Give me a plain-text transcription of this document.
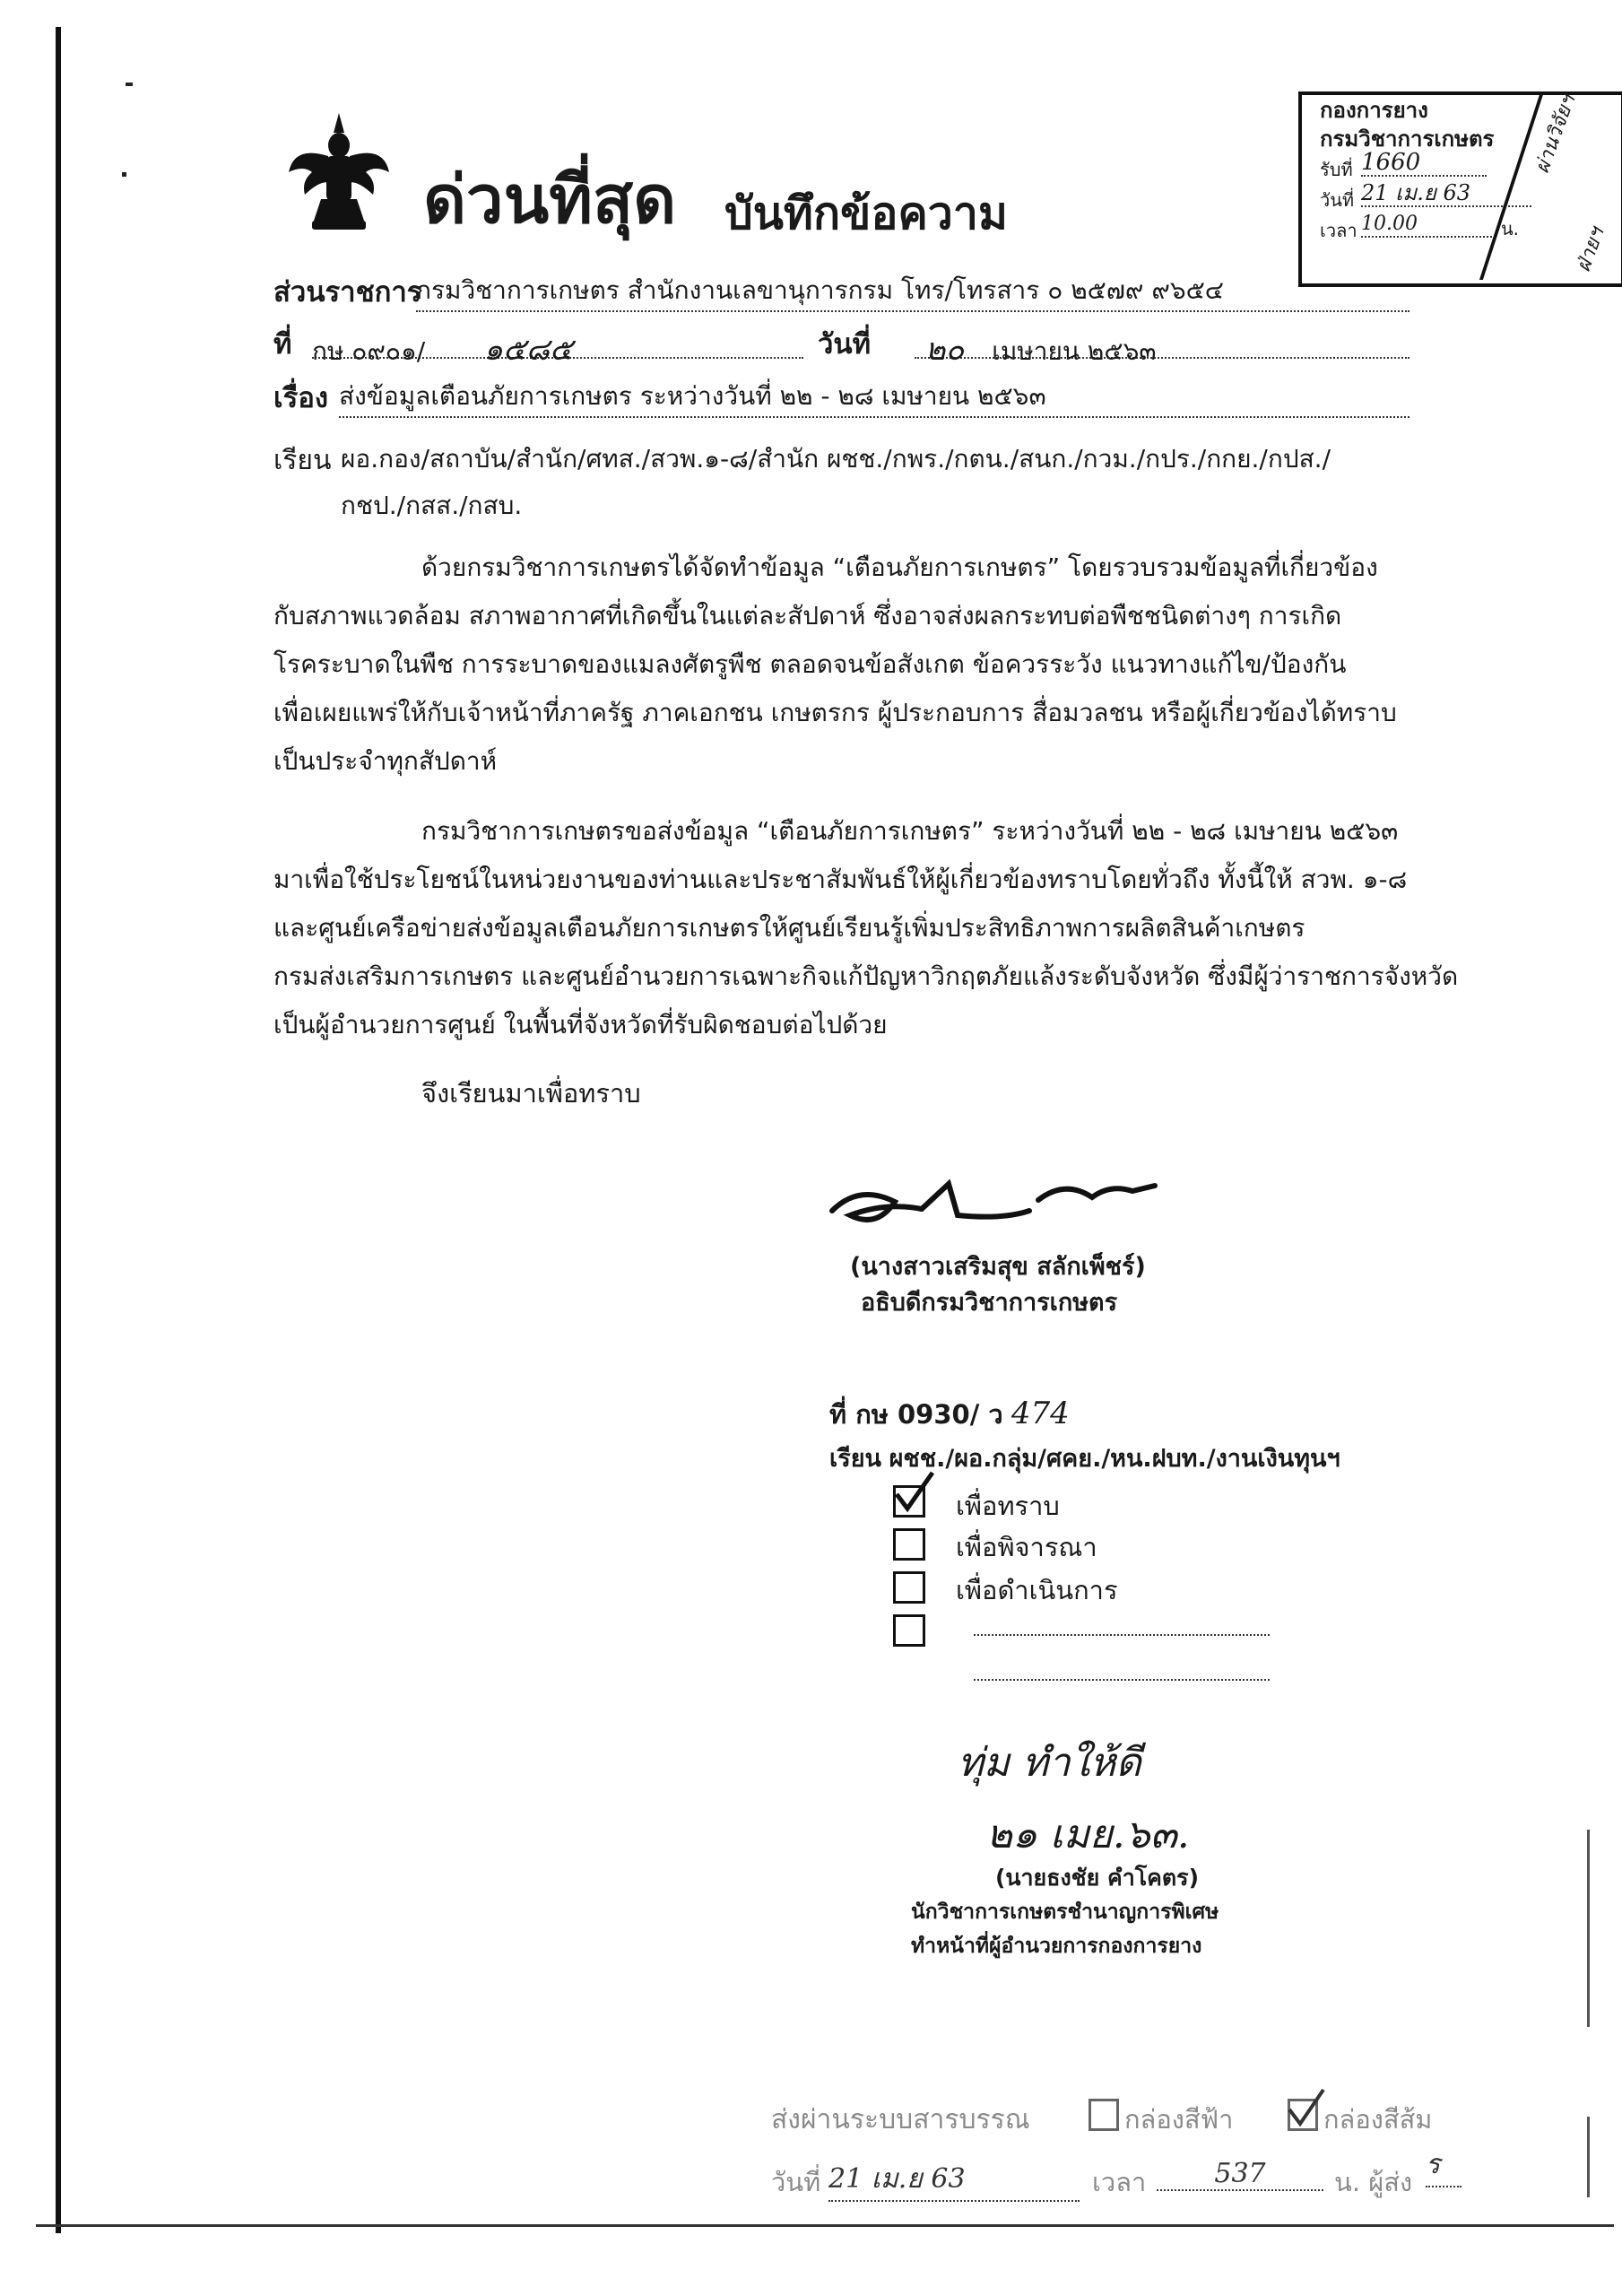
ด่วนที่สุด บันทึกข้อความ
กองการยาง
กรมวิชาการเกษตร
รับที่ 1660
วันที่ 21 เม.ย 63
เวลา 10.00	น.
ผ่านวิจัยฯ
ฝ่ายฯ
ส่วนราชการ
กรมวิชาการเกษตร สำนักงานเลขานุการกรม โทร/โทรสาร ๐ ๒๕๗๙ ๙๖๕๔
ที่ กษ ๐๙๐๑/ ๑๕๘๕	วันที่	๒๐ เมษายน ๒๕๖๓
เรื่อง ส่งข้อมูลเตือนภัยการเกษตร ระหว่างวันที่ ๒๒ - ๒๘ เมษายน ๒๕๖๓
เรียน ผอ.กอง/สถาบัน/สำนัก/ศทส./สวพ.๑-๘/สำนัก ผชช./กพร./กตน./สนก./กวม./กปร./กกย./กปส./
กชป./กสส./กสบ.
ด้วยกรมวิชาการเกษตรได้จัดทำข้อมูล “เตือนภัยการเกษตร” โดยรวบรวมข้อมูลที่เกี่ยวข้อง
กับสภาพแวดล้อม สภาพอากาศที่เกิดขึ้นในแต่ละสัปดาห์ ซึ่งอาจส่งผลกระทบต่อพืชชนิดต่างๆ การเกิด
โรคระบาดในพืช การระบาดของแมลงศัตรูพืช ตลอดจนข้อสังเกต ข้อควรระวัง แนวทางแก้ไข/ป้องกัน
เพื่อเผยแพร่ให้กับเจ้าหน้าที่ภาครัฐ ภาคเอกชน เกษตรกร ผู้ประกอบการ สื่อมวลชน หรือผู้เกี่ยวข้องได้ทราบ
เป็นประจำทุกสัปดาห์
กรมวิชาการเกษตรขอส่งข้อมูล “เตือนภัยการเกษตร” ระหว่างวันที่ ๒๒ - ๒๘ เมษายน ๒๕๖๓
มาเพื่อใช้ประโยชน์ในหน่วยงานของท่านและประชาสัมพันธ์ให้ผู้เกี่ยวข้องทราบโดยทั่วถึง ทั้งนี้ให้ สวพ. ๑-๘
และศูนย์เครือข่ายส่งข้อมูลเตือนภัยการเกษตรให้ศูนย์เรียนรู้เพิ่มประสิทธิภาพการผลิตสินค้าเกษตร
กรมส่งเสริมการเกษตร และศูนย์อำนวยการเฉพาะกิจแก้ปัญหาวิกฤตภัยแล้งระดับจังหวัด ซึ่งมีผู้ว่าราชการจังหวัด
เป็นผู้อำนวยการศูนย์ ในพื้นที่จังหวัดที่รับผิดชอบต่อไปด้วย
จึงเรียนมาเพื่อทราบ
(นางสาวเสริมสุข สลักเพ็ชร์)
อธิบดีกรมวิชาการเกษตร
ที่ กษ 0930/ ว 474
เรียน ผชช./ผอ.กลุ่ม/ศคย./หน.ฝบท./งานเงินทุนฯ
เพื่อทราบ
เพื่อพิจารณา
เพื่อดำเนินการ
ทุ่ม ทำให้ดี
๒๑ เมย.๖๓.
(นายธงชัย คำโคตร)
นักวิชาการเกษตรชำนาญการพิเศษ
ทำหน้าที่ผู้อำนวยการกองการยาง
ส่งผ่านระบบสารบรรณ	กล่องสีฟ้า	กล่องสีส้ม
วันที่ 21 เม.ย 63	เวลา	537	น. ผู้ส่ง
ร
